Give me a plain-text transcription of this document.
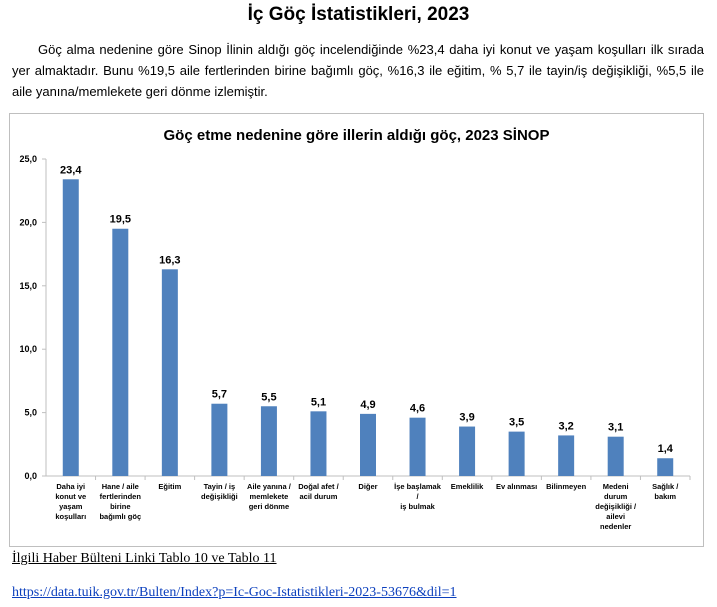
İç Göç İstatistikleri, 2023
Göç alma nedenine göre Sinop İlinin aldığı göç incelendiğinde %23,4 daha iyi konut ve yaşam koşulları ilk sırada yer almaktadır. Bunu %19,5 aile fertlerinden birine bağımlı göç, %16,3 ile eğitim, % 5,7 ile tayin/iş değişikliği, %5,5 ile aile yanına/memlekete geri dönme izlemiştir.
Göç etme nedenine göre illerin aldığı göç, 2023 SİNOP
0,0
5,0
10,0
15,0
20,0
25,0
23,4
Daha iyi konut ve yaşam koşulları
19,5
Hane / aile fertlerinden birine bağımlı göç
16,3
Eğitim
5,7
Tayin / iş değişikliği
5,5
Aile yanına / memlekete geri dönme
5,1
Doğal afet / acil durum
4,9
Diğer
4,6
İşe başlamak / iş bulmak
3,9
Emeklilik
3,5
Ev alınması
3,2
Bilinmeyen
3,1
Medeni durum değişikliği / ailevi nedenler
1,4
Sağlık / bakım
İlgili Haber Bülteni Linki Tablo 10 ve Tablo 11
https://data.tuik.gov.tr/Bulten/Index?p=Ic-Goc-Istatistikleri-2023-53676&dil=1
